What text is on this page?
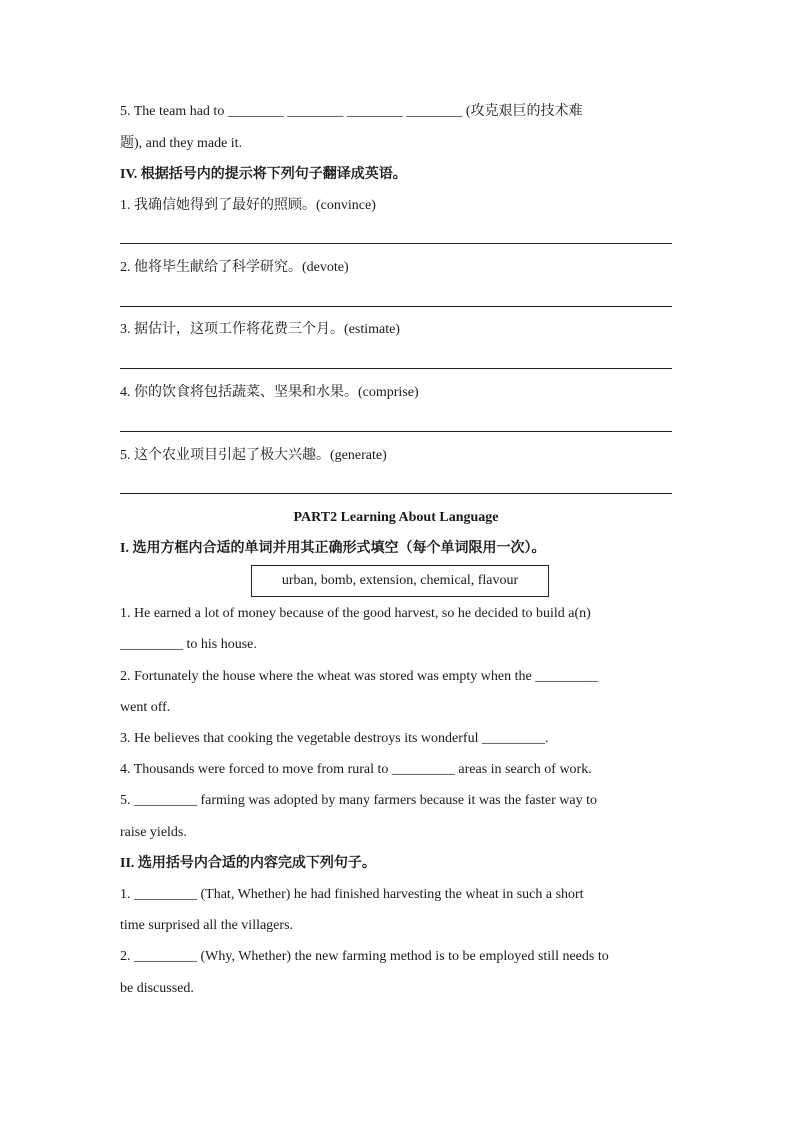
5. The team had to ________ ________ ________ ________ (攻克艰巨的技术难
题), and they made it.
IV. 根据括号内的提示将下列句子翻译成英语。
1. 我确信她得到了最好的照顾。(convince)
2. 他将毕生献给了科学研究。(devote)
3. 据估计，这项工作将花费三个月。(estimate)
4. 你的饮食将包括蔬菜、坚果和水果。(comprise)
5. 这个农业项目引起了极大兴趣。(generate)
PART2 Learning About Language
I. 选用方框内合适的单词并用其正确形式填空（每个单词限用一次）。
urban, bomb, extension, chemical, flavour
1. He earned a lot of money because of the good harvest, so he decided to build a(n)
_________ to his house.
2. Fortunately the house where the wheat was stored was empty when the _________
went off.
3. He believes that cooking the vegetable destroys its wonderful _________.
4. Thousands were forced to move from rural to _________ areas in search of work.
5. _________ farming was adopted by many farmers because it was the faster way to
raise yields.
II. 选用括号内合适的内容完成下列句子。
1. _________ (That, Whether) he had finished harvesting the wheat in such a short
time surprised all the villagers.
2. _________ (Why, Whether) the new farming method is to be employed still needs to
be discussed.
